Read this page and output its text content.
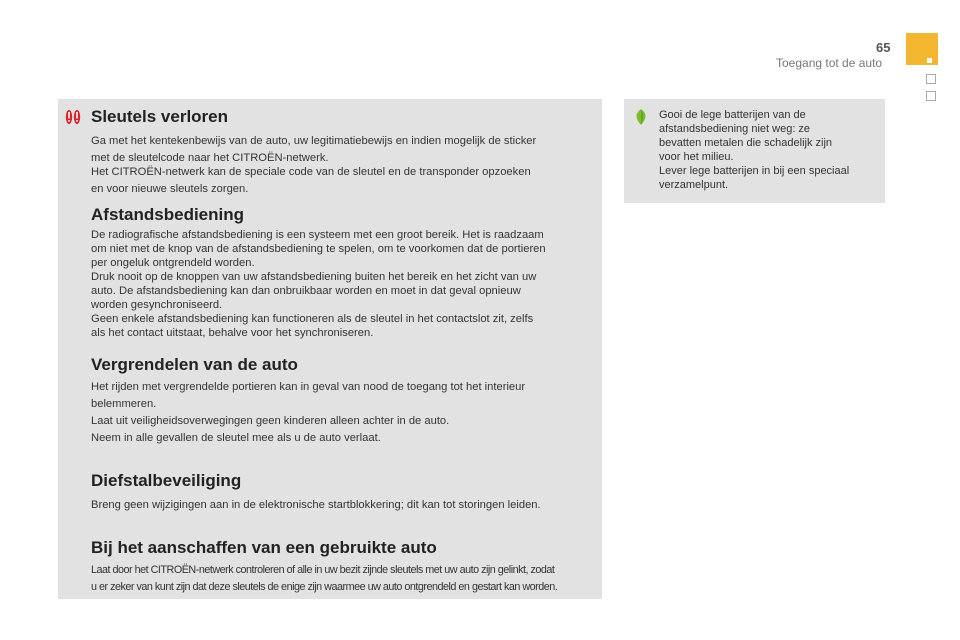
65
Toegang tot de auto
Sleutels verloren
Ga met het kentekenbewijs van de auto, uw legitimatiebewijs en indien mogelijk de sticker
met de sleutelcode naar het CITROËN-netwerk.
Het CITROËN-netwerk kan de speciale code van de sleutel en de transponder opzoeken
en voor nieuwe sleutels zorgen.
Afstandsbediening
De radiografische afstandsbediening is een systeem met een groot bereik. Het is raadzaam
om niet met de knop van de afstandsbediening te spelen, om te voorkomen dat de portieren
per ongeluk ontgrendeld worden.
Druk nooit op de knoppen van uw afstandsbediening buiten het bereik en het zicht van uw
auto. De afstandsbediening kan dan onbruikbaar worden en moet in dat geval opnieuw
worden gesynchroniseerd.
Geen enkele afstandsbediening kan functioneren als de sleutel in het contactslot zit, zelfs
als het contact uitstaat, behalve voor het synchroniseren.
Vergrendelen van de auto
Het rijden met vergrendelde portieren kan in geval van nood de toegang tot het interieur
belemmeren.
Laat uit veiligheidsoverwegingen geen kinderen alleen achter in de auto.
Neem in alle gevallen de sleutel mee als u de auto verlaat.
Diefstalbeveiliging
Breng geen wijzigingen aan in de elektronische startblokkering; dit kan tot storingen leiden.
Bij het aanschaffen van een gebruikte auto
Laat door het CITROËN-netwerk controleren of alle in uw bezit zijnde sleutels met uw auto zijn gelinkt, zodat
u er zeker van kunt zijn dat deze sleutels de enige zijn waarmee uw auto ontgrendeld en gestart kan worden.
Gooi de lege batterijen van de
afstandsbediening niet weg: ze
bevatten metalen die schadelijk zijn
voor het milieu.
Lever lege batterijen in bij een speciaal
verzamelpunt.
